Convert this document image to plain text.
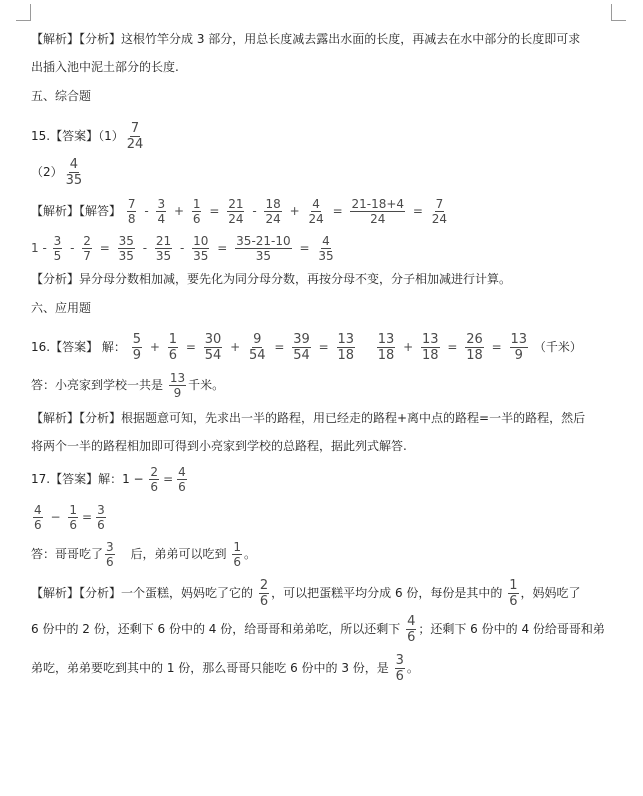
【解析】【分析】这根竹竿分成 3 部分，用总长度减去露出水面的长度，再减去在水中部分的长度即可求
出插入池中泥土部分的长度.
五、综合题
15.【答案】$(1) \frac{7}{24}$
$(2) \frac{4}{35}$
【解析】【解答】 $\frac{7}{8} - \frac{3}{4} + \frac{1}{6} = \frac{21}{24} - \frac{18}{24} + \frac{4}{24} = \frac{21-18+4}{24} = \frac{7}{24}$
$1 - \frac{3}{5} - \frac{2}{7} = \frac{35}{35} - \frac{21}{35} - \frac{10}{35} = \frac{35-21-10}{35} = \frac{4}{35}$
【分析】异分母分数相加减，要先化为同分母分数，再按分母不变，分子相加减进行计算。
六、应用题
16.【答案】 解： $\frac{5}{9} + \frac{1}{6} = \frac{30}{54} + \frac{9}{54} = \frac{39}{54} = \frac{13}{18}$
$\frac{13}{18} + \frac{13}{18} = \frac{26}{18} = \frac{13}{9}$ （千米）
答：小亮家到学校一共是 $\frac{13}{9}$ 千米。
【解析】【分析】根据题意可知，先求出一半的路程，用已经走的路程+离中点的路程=一半的路程，然后
将两个一半的路程相加即可得到小亮家到学校的总路程，据此列式解答.
17.【答案】解：$1 - \frac{2}{6} = \frac{4}{6}$
$\frac{4}{6} - \frac{1}{6} = \frac{3}{6}$
答：哥哥吃了 $\frac{3}{6}$ 后，弟弟可以吃到 $\frac{1}{6}$ 。
【解析】【分析】一个蛋糕，妈妈吃了它的 $\frac{2}{6}$ ，可以把蛋糕平均分成 6 份，每份是其中的 $\frac{1}{6}$ ，妈妈吃了
6 份中的 2 份，还剩下 6 份中的 4 份，给哥哥和弟弟吃，所以还剩下 $\frac{4}{6}$ ；还剩下 6 份中的 4 份给哥哥和弟
弟吃，弟弟要吃到其中的 1 份，那么哥哥只能吃 6 份中的 3 份，是 $\frac{3}{6}$ 。
